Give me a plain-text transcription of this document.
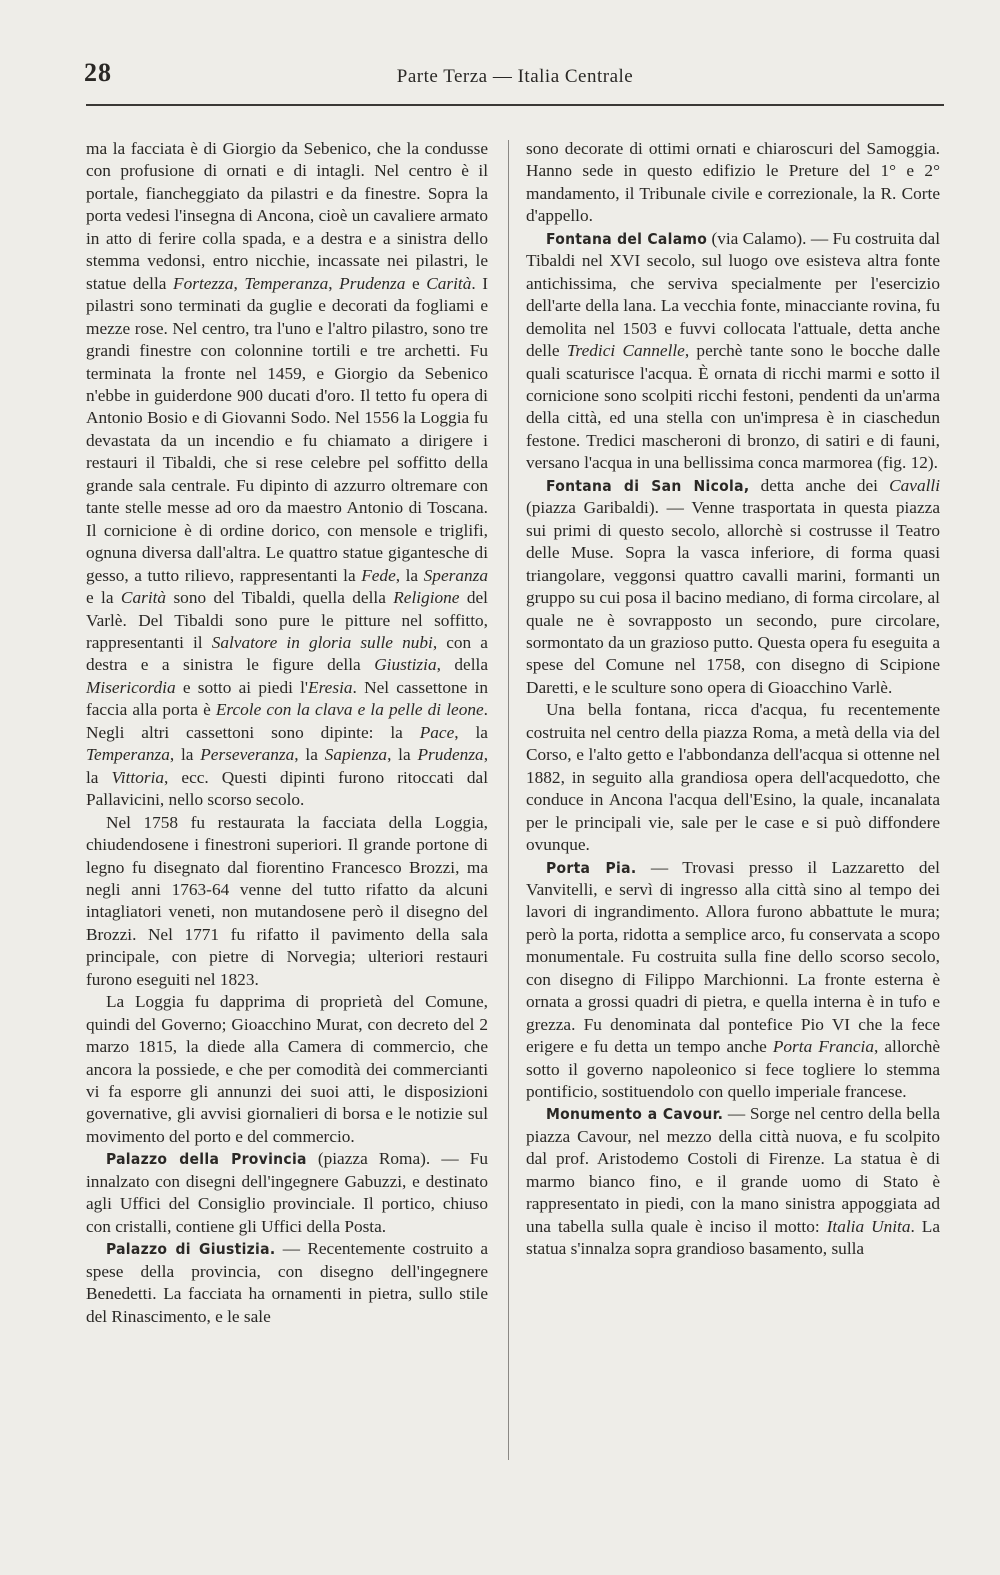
28	Parte Terza — Italia Centrale

ma la facciata è di Giorgio da Sebenico, che la condusse con profusione di ornati e di intagli. Nel centro è il portale, fiancheggiato da pilastri e da finestre. Sopra la porta vedesi l'insegna di Ancona, cioè un cavaliere armato in atto di ferire colla spada, e a destra e a sinistra dello stemma vedonsi, entro nicchie, incassate nei pilastri, le statue della Fortezza, Temperanza, Prudenza e Carità. I pilastri sono terminati da guglie e decorati da fogliami e mezze rose. Nel centro, tra l'uno e l'altro pilastro, sono tre grandi finestre con colonnine tortili e tre archetti. Fu terminata la fronte nel 1459, e Giorgio da Sebenico n'ebbe in guiderdone 900 ducati d'oro. Il tetto fu opera di Antonio Bosio e di Giovanni Sodo. Nel 1556 la Loggia fu devastata da un incendio e fu chiamato a dirigere i restauri il Tibaldi, che si rese celebre pel soffitto della grande sala centrale. Fu dipinto di azzurro oltremare con tante stelle messe ad oro da maestro Antonio di Toscana. Il cornicione è di ordine dorico, con mensole e triglifi, ognuna diversa dall'altra. Le quattro statue gigantesche di gesso, a tutto rilievo, rappresentanti la Fede, la Speranza e la Carità sono del Tibaldi, quella della Religione del Varlè. Del Tibaldi sono pure le pitture nel soffitto, rappresentanti il Salvatore in gloria sulle nubi, con a destra e a sinistra le figure della Giustizia, della Misericordia e sotto ai piedi l'Eresia. Nel cassettone in faccia alla porta è Ercole con la clava e la pelle di leone. Negli altri cassettoni sono dipinte: la Pace, la Temperanza, la Perseveranza, la Sapienza, la Prudenza, la Vittoria, ecc. Questi dipinti furono ritoccati dal Pallavicini, nello scorso secolo.

Nel 1758 fu restaurata la facciata della Loggia, chiudendosene i finestroni superiori. Il grande portone di legno fu disegnato dal fiorentino Francesco Brozzi, ma negli anni 1763-64 venne del tutto rifatto da alcuni intagliatori veneti, non mutandosene però il disegno del Brozzi. Nel 1771 fu rifatto il pavimento della sala principale, con pietre di Norvegia; ulteriori restauri furono eseguiti nel 1823.

La Loggia fu dapprima di proprietà del Comune, quindi del Governo; Gioacchino Murat, con decreto del 2 marzo 1815, la diede alla Camera di commercio, che ancora la possiede, e che per comodità dei commercianti vi fa esporre gli annunzi dei suoi atti, le disposizioni governative, gli avvisi giornalieri di borsa e le notizie sul movimento del porto e del commercio.

Palazzo della Provincia (piazza Roma). — Fu innalzato con disegni dell'ingegnere Gabuzzi, e destinato agli Uffici del Consiglio provinciale. Il portico, chiuso con cristalli, contiene gli Uffici della Posta.

Palazzo di Giustizia. — Recentemente costruito a spese della provincia, con disegno dell'ingegnere Benedetti. La facciata ha ornamenti in pietra, sullo stile del Rinascimento, e le sale

sono decorate di ottimi ornati e chiaroscuri del Samoggia. Hanno sede in questo edifizio le Preture del 1° e 2° mandamento, il Tribunale civile e correzionale, la R. Corte d'appello.

Fontana del Calamo (via Calamo). — Fu costruita dal Tibaldi nel XVI secolo, sul luogo ove esisteva altra fonte antichissima, che serviva specialmente per l'esercizio dell'arte della lana. La vecchia fonte, minacciante rovina, fu demolita nel 1503 e fuvvi collocata l'attuale, detta anche delle Tredici Cannelle, perchè tante sono le bocche dalle quali scaturisce l'acqua. È ornata di ricchi marmi e sotto il cornicione sono scolpiti ricchi festoni, pendenti da un'arma della città, ed una stella con un'impresa è in ciaschedun festone. Tredici mascheroni di bronzo, di satiri e di fauni, versano l'acqua in una bellissima conca marmorea (fig. 12).

Fontana di San Nicola, detta anche dei Cavalli (piazza Garibaldi). — Venne trasportata in questa piazza sui primi di questo secolo, allorchè si costrusse il Teatro delle Muse. Sopra la vasca inferiore, di forma quasi triangolare, veggonsi quattro cavalli marini, formanti un gruppo su cui posa il bacino mediano, di forma circolare, al quale ne è sovrapposto un secondo, pure circolare, sormontato da un grazioso putto. Questa opera fu eseguita a spese del Comune nel 1758, con disegno di Scipione Daretti, e le sculture sono opera di Gioacchino Varlè.

Una bella fontana, ricca d'acqua, fu recentemente costruita nel centro della piazza Roma, a metà della via del Corso, e l'alto getto e l'abbondanza dell'acqua si ottenne nel 1882, in seguito alla grandiosa opera dell'acquedotto, che conduce in Ancona l'acqua dell'Esino, la quale, incanalata per le principali vie, sale per le case e si può diffondere ovunque.

Porta Pia. — Trovasi presso il Lazzaretto del Vanvitelli, e servì di ingresso alla città sino al tempo dei lavori di ingrandimento. Allora furono abbattute le mura; però la porta, ridotta a semplice arco, fu conservata a scopo monumentale. Fu costruita sulla fine dello scorso secolo, con disegno di Filippo Marchionni. La fronte esterna è ornata a grossi quadri di pietra, e quella interna è in tufo e grezza. Fu denominata dal pontefice Pio VI che la fece erigere e fu detta un tempo anche Porta Francia, allorchè sotto il governo napoleonico si fece togliere lo stemma pontificio, sostituendolo con quello imperiale francese.

Monumento a Cavour. — Sorge nel centro della bella piazza Cavour, nel mezzo della città nuova, e fu scolpito dal prof. Aristodemo Costoli di Firenze. La statua è di marmo bianco fino, e il grande uomo di Stato è rappresentato in piedi, con la mano sinistra appoggiata ad una tabella sulla quale è inciso il motto: Italia Unita. La statua s'innalza sopra grandioso basamento, sulla
